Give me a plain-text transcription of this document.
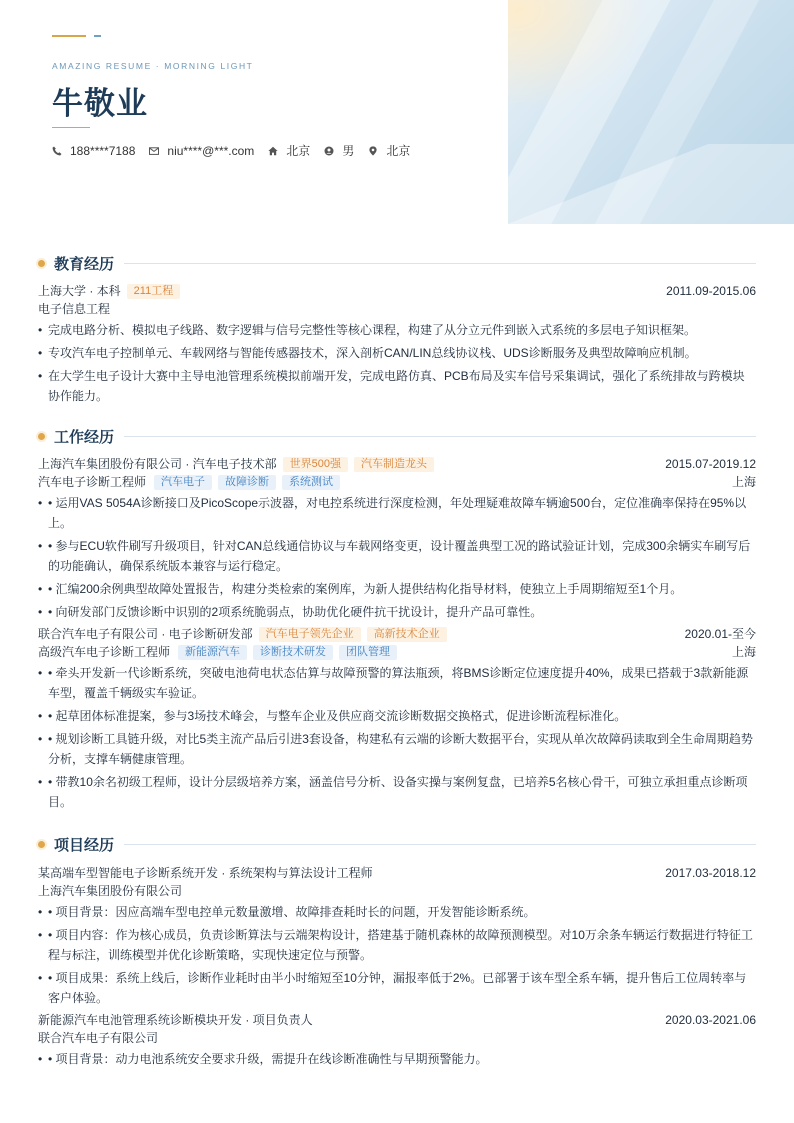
AMAZING RESUME · MORNING LIGHT
牛敬业
188****7188	niu****@***.com	北京	男	北京
教育经历
上海大学 · 本科	211工程	2011.09-2015.06
电子信息工程
• 完成电路分析、模拟电子线路、数字逻辑与信号完整性等核心课程，构建了从分立元件到嵌入式系统的多层电子知识框架。
• 专攻汽车电子控制单元、车载网络与智能传感器技术，深入剖析CAN/LIN总线协议栈、UDS诊断服务及典型故障响应机制。
• 在大学生电子设计大赛中主导电池管理系统模拟前端开发，完成电路仿真、PCB布局及实车信号采集调试，强化了系统排故与跨模块协作能力。
工作经历
上海汽车集团股份有限公司 · 汽车电子技术部	世界500强	汽车制造龙头	2015.07-2019.12
汽车电子诊断工程师	汽车电子	故障诊断	系统测试	上海
• • 运用VAS 5054A诊断接口及PicoScope示波器，对电控系统进行深度检测，年处理疑难故障车辆逾500台，定位准确率保持在95%以上。
• • 参与ECU软件刷写升级项目，针对CAN总线通信协议与车载网络变更，设计覆盖典型工况的路试验证计划，完成300余辆实车刷写后的功能确认，确保系统版本兼容与运行稳定。
• • 汇编200余例典型故障处置报告，构建分类检索的案例库，为新人提供结构化指导材料，使独立上手周期缩短至1个月。
• • 向研发部门反馈诊断中识别的2项系统脆弱点，协助优化硬件抗干扰设计，提升产品可靠性。
联合汽车电子有限公司 · 电子诊断研发部	汽车电子领先企业	高新技术企业	2020.01-至今
高级汽车电子诊断工程师	新能源汽车	诊断技术研发	团队管理	上海
• • 牵头开发新一代诊断系统，突破电池荷电状态估算与故障预警的算法瓶颈，将BMS诊断定位速度提升40%，成果已搭载于3款新能源车型，覆盖千辆级实车验证。
• • 起草团体标准提案，参与3场技术峰会，与整车企业及供应商交流诊断数据交换格式，促进诊断流程标准化。
• • 规划诊断工具链升级，对比5类主流产品后引进3套设备，构建私有云端的诊断大数据平台，实现从单次故障码读取到全生命周期趋势分析，支撑车辆健康管理。
• • 带教10余名初级工程师，设计分层级培养方案，涵盖信号分析、设备实操与案例复盘，已培养5名核心骨干，可独立承担重点诊断项目。
项目经历
某高端车型智能电子诊断系统开发 · 系统架构与算法设计工程师	2017.03-2018.12
上海汽车集团股份有限公司
• • 项目背景：因应高端车型电控单元数量激增、故障排查耗时长的问题，开发智能诊断系统。
• • 项目内容：作为核心成员，负责诊断算法与云端架构设计，搭建基于随机森林的故障预测模型。对10万余条车辆运行数据进行特征工程与标注，训练模型并优化诊断策略，实现快速定位与预警。
• • 项目成果：系统上线后，诊断作业耗时由半小时缩短至10分钟，漏报率低于2%。已部署于该车型全系车辆，提升售后工位周转率与客户体验。
新能源汽车电池管理系统诊断模块开发 · 项目负责人	2020.03-2021.06
联合汽车电子有限公司
• • 项目背景：动力电池系统安全要求升级，需提升在线诊断准确性与早期预警能力。
